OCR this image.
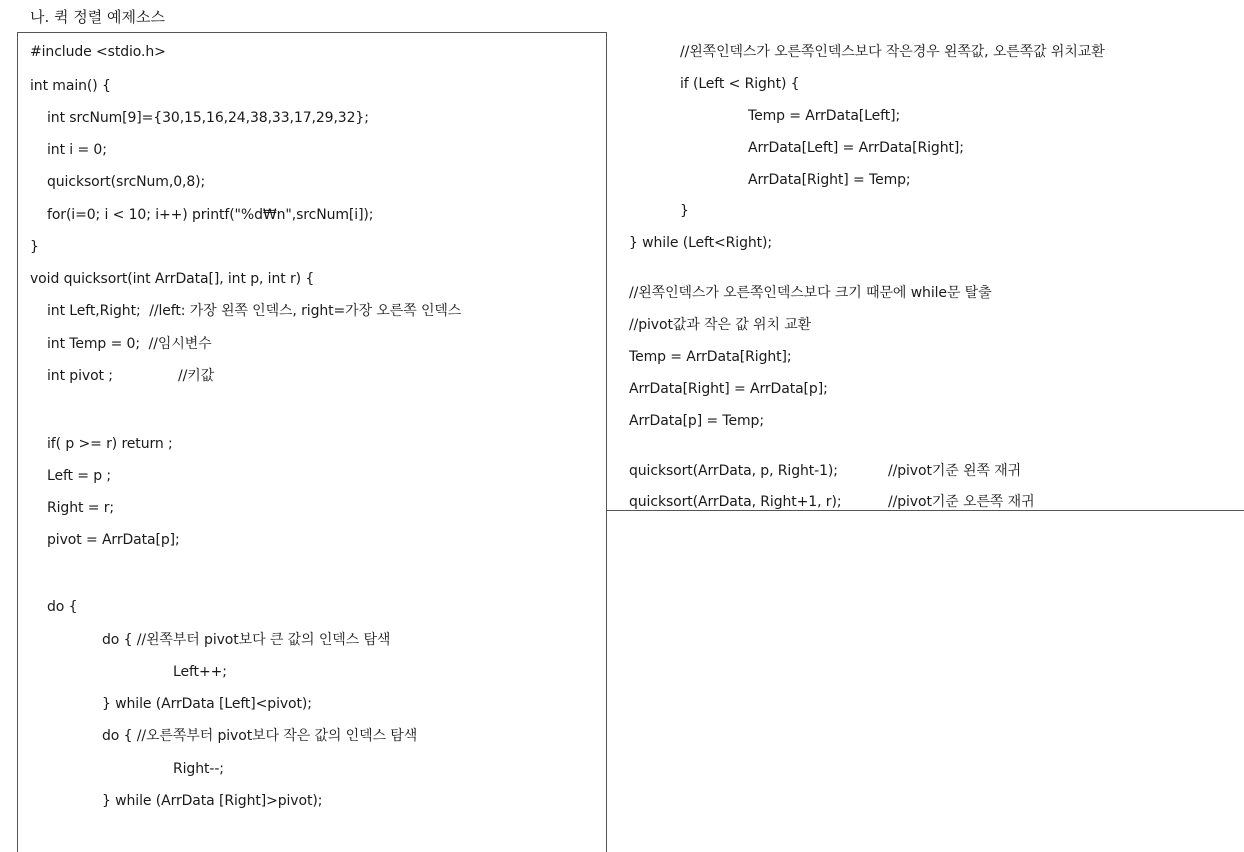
나. 퀵 정렬 예제소스
#include <stdio.h>
int main() {
int srcNum[9]={30,15,16,24,38,33,17,29,32};
int i = 0;
quicksort(srcNum,0,8);
for(i=0; i < 10; i++) printf("%d₩n",srcNum[i]);
}
void quicksort(int ArrData[], int p, int r) {
int Left,Right;  //left: 가장 왼쪽 인덱스, right=가장 오른쪽 인덱스
int Temp = 0;  //임시변수
int pivot ;	//키값
if( p >= r) return ;
Left = p ;
Right = r;
pivot = ArrData[p];
do {
do { //왼쪽부터 pivot보다 큰 값의 인덱스 탐색
Left++;
} while (ArrData [Left]<pivot);
do { //오른쪽부터 pivot보다 작은 값의 인덱스 탐색
Right--;
} while (ArrData [Right]>pivot);
//왼쪽인덱스가 오른쪽인덱스보다 작은경우 왼쪽값, 오른쪽값 위치교환
if (Left < Right) {
Temp = ArrData[Left];
ArrData[Left] = ArrData[Right];
ArrData[Right] = Temp;
}
} while (Left<Right);
//왼쪽인덱스가 오른쪽인덱스보다 크기 때문에 while문 탈출
//pivot값과 작은 값 위치 교환
Temp = ArrData[Right];
ArrData[Right] = ArrData[p];
ArrData[p] = Temp;
quicksort(ArrData, p, Right-1);	//pivot기준 왼쪽 재귀
quicksort(ArrData, Right+1, r);	//pivot기준 오른쪽 재귀
